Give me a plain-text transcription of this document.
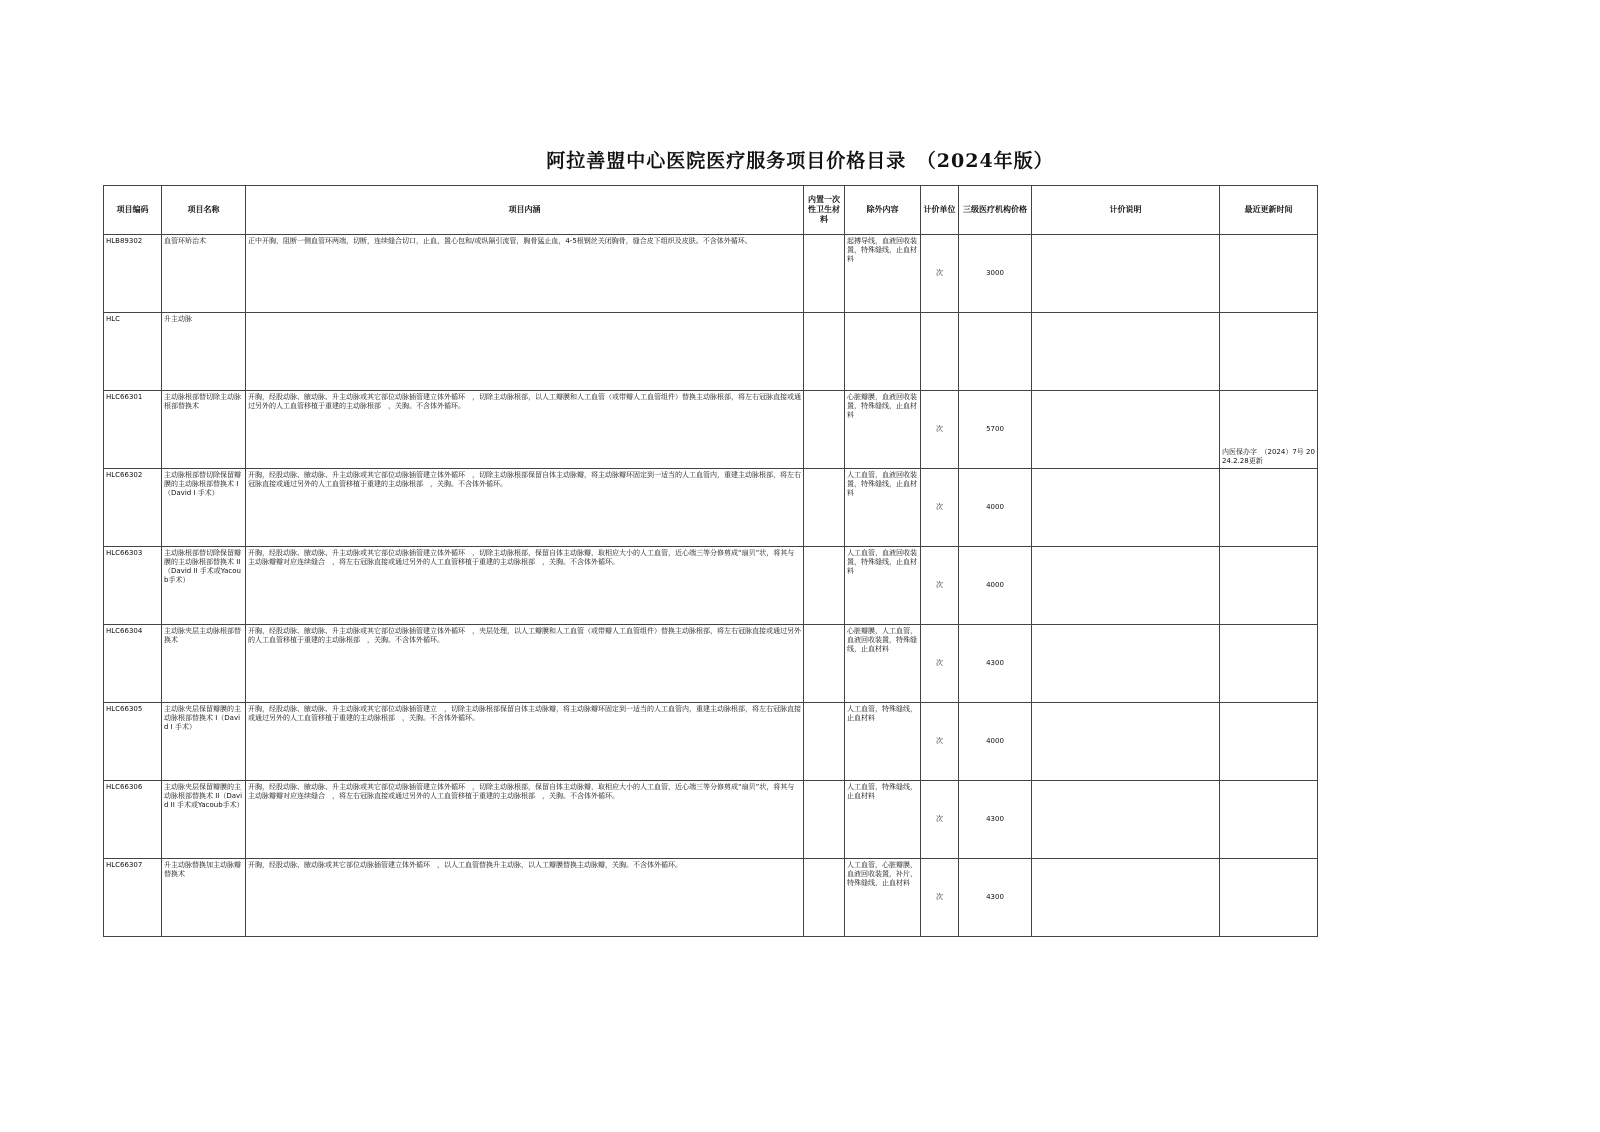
阿拉善盟中心医院医疗服务项目价格目录　（2024年版）
项目编码	项目名称	项目内涵	内置一次性卫生材料	除外内容	计价单位	三级医疗机构价格	计价说明	最近更新时间
HLB89302	血管环矫治术	正中开胸，阻断一侧血管环两端，切断，连续缝合切口，止血，置心包和/或纵隔引流管，胸骨猛止血，4-5根钢丝关闭胸骨，缝合皮下组织及皮肤。不含体外循环。		起搏导线，血液回收装置，特殊缝线，止血材料	次	3000		
HLC	升主动脉							
HLC66301	主动脉根部替切除主动脉根部替换术	开胸，经股动脉、腋动脉、升主动脉或其它部位动脉插管建立体外循环　，切除主动脉根部，以人工瓣膜和人工血管（或带瓣人工血管组件）替换主动脉根部，将左右冠脉直接或通过另外的人工血管移植于重建的主动脉根部　，关胸。不含体外循环。		心脏瓣膜，血液回收装置，特殊缝线，止血材料	次	5700		内医保办字　（2024）7号 2024.2.28更新
HLC66302	主动脉根部替切除保留瓣膜的主动脉根部替换术 I（David I 手术）	开胸，经股动脉、腋动脉、升主动脉或其它部位动脉插管建立体外循环　，切除主动脉根部保留自体主动脉瓣，将主动脉瓣环固定到一适当的人工血管内，重建主动脉根部，将左右冠脉直接或通过另外的人工血管移植于重建的主动脉根部　，关胸。不含体外循环。		人工血管，血液回收装置，特殊缝线，止血材料	次	4000		
HLC66303	主动脉根部替切除保留瓣膜的主动脉根部替换术 II（David II 手术或Yacoub手术）	开胸，经股动脉、腋动脉、升主动脉或其它部位动脉插管建立体外循环　，切除主动脉根部，保留自体主动脉瓣，取相应大小的人工血管，近心端三等分修剪成“扇贝”状，将其与主动脉瓣瓣对应连续缝合　，将左右冠脉直接或通过另外的人工血管移植于重建的主动脉根部　，关胸。不含体外循环。		人工血管，血液回收装置，特殊缝线，止血材料	次	4000		
HLC66304	主动脉夹层主动脉根部替换术	开胸，经股动脉、腋动脉、升主动脉或其它部位动脉插管建立体外循环　，夹层处理，以人工瓣膜和人工血管（或带瓣人工血管组件）替换主动脉根部，将左右冠脉直接或通过另外的人工血管移植于重建的主动脉根部　，关胸。不含体外循环。		心脏瓣膜，人工血管，血液回收装置，特殊缝线，止血材料	次	4300		
HLC66305	主动脉夹层保留瓣膜的主动脉根部替换术 I（David I 手术）	开胸，经股动脉、腋动脉、升主动脉或其它部位动脉插管建立　，切除主动脉根部保留自体主动脉瓣，将主动脉瓣环固定到一适当的人工血管内，重建主动脉根部，将左右冠脉直接或通过另外的人工血管移植于重建的主动脉根部　，关胸。不含体外循环。		人工血管，特殊缝线，止血材料	次	4000		
HLC66306	主动脉夹层保留瓣膜的主动脉根部替换术 II（David II 手术或Yacoub手术）	开胸，经股动脉、腋动脉、升主动脉或其它部位动脉插管建立体外循环　，切除主动脉根部，保留自体主动脉瓣，取相应大小的人工血管，近心端三等分修剪成“扇贝”状，将其与主动脉瓣瓣对应连续缝合　，将左右冠脉直接或通过另外的人工血管移植于重建的主动脉根部　，关胸。不含体外循环。		人工血管，特殊缝线，止血材料	次	4300		
HLC66307	升主动脉替换加主动脉瓣替换术	开胸，经股动脉、腋动脉或其它部位动脉插管建立体外循环　，以人工血管替换升主动脉，以人工瓣膜替换主动脉瓣，关胸。不含体外循环。		人工血管，心脏瓣膜，血液回收装置，补片，特殊缝线，止血材料	次	4300		
